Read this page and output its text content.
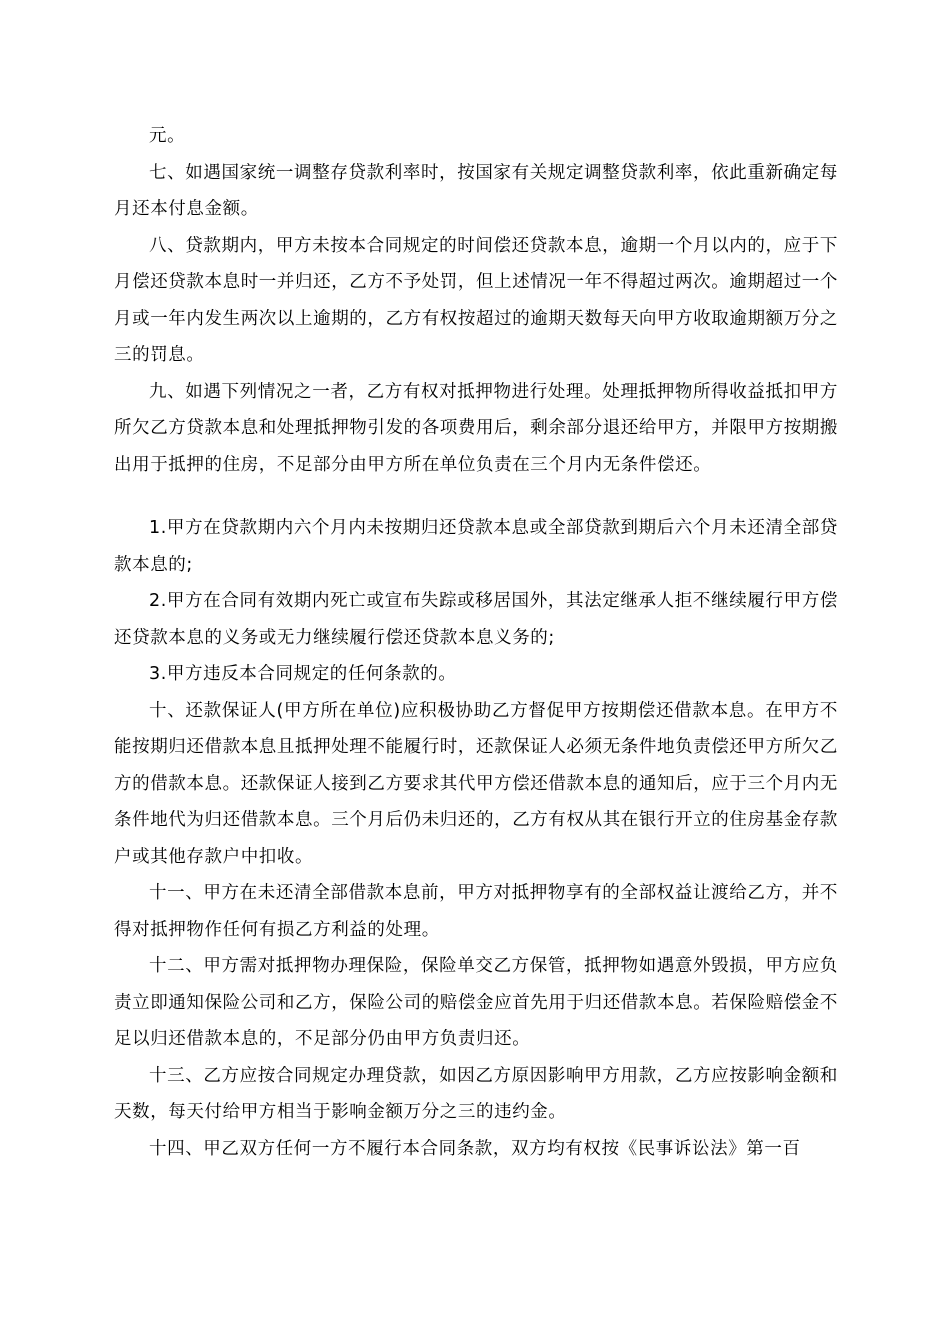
元。

七、如遇国家统一调整存贷款利率时，按国家有关规定调整贷款利率，依此重新确定每月还本付息金额。

八、贷款期内，甲方未按本合同规定的时间偿还贷款本息，逾期一个月以内的，应于下月偿还贷款本息时一并归还，乙方不予处罚，但上述情况一年不得超过两次。逾期超过一个月或一年内发生两次以上逾期的，乙方有权按超过的逾期天数每天向甲方收取逾期额万分之三的罚息。

九、如遇下列情况之一者，乙方有权对抵押物进行处理。处理抵押物所得收益抵扣甲方所欠乙方贷款本息和处理抵押物引发的各项费用后，剩余部分退还给甲方，并限甲方按期搬出用于抵押的住房，不足部分由甲方所在单位负责在三个月内无条件偿还。

1.甲方在贷款期内六个月内未按期归还贷款本息或全部贷款到期后六个月未还清全部贷款本息的;

2.甲方在合同有效期内死亡或宣布失踪或移居国外，其法定继承人拒不继续履行甲方偿还贷款本息的义务或无力继续履行偿还贷款本息义务的;

3.甲方违反本合同规定的任何条款的。

十、还款保证人(甲方所在单位)应积极协助乙方督促甲方按期偿还借款本息。在甲方不能按期归还借款本息且抵押处理不能履行时，还款保证人必须无条件地负责偿还甲方所欠乙方的借款本息。还款保证人接到乙方要求其代甲方偿还借款本息的通知后，应于三个月内无条件地代为归还借款本息。三个月后仍未归还的，乙方有权从其在银行开立的住房基金存款户或其他存款户中扣收。

十一、甲方在未还清全部借款本息前，甲方对抵押物享有的全部权益让渡给乙方，并不得对抵押物作任何有损乙方利益的处理。

十二、甲方需对抵押物办理保险，保险单交乙方保管，抵押物如遇意外毁损，甲方应负责立即通知保险公司和乙方，保险公司的赔偿金应首先用于归还借款本息。若保险赔偿金不足以归还借款本息的，不足部分仍由甲方负责归还。

十三、乙方应按合同规定办理贷款，如因乙方原因影响甲方用款，乙方应按影响金额和天数，每天付给甲方相当于影响金额万分之三的违约金。

十四、甲乙双方任何一方不履行本合同条款，双方均有权按《民事诉讼法》第一百
